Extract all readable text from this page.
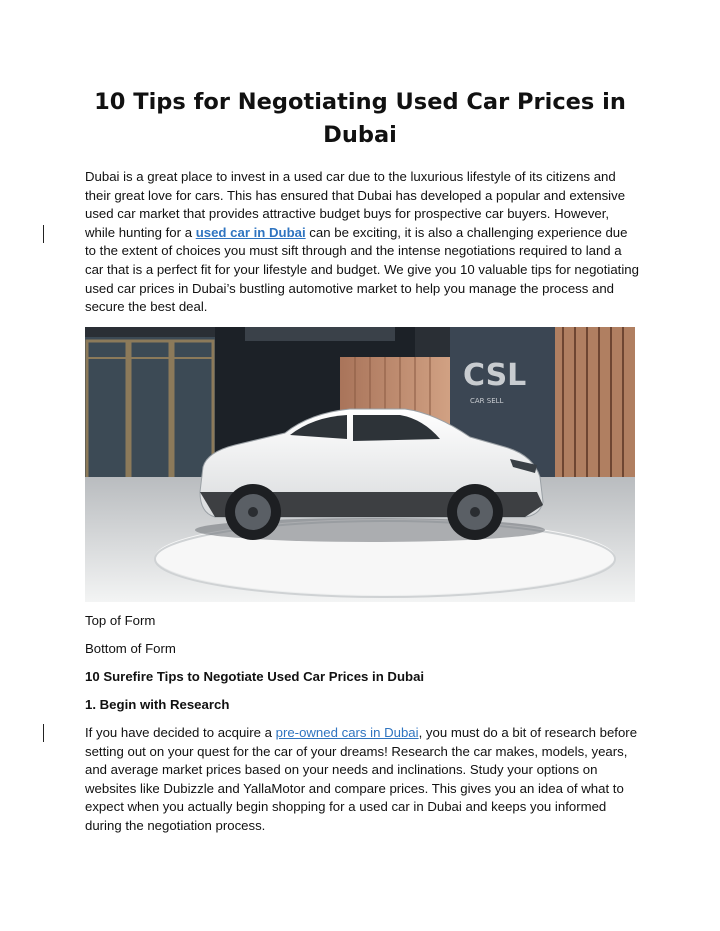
10 Tips for Negotiating Used Car Prices in Dubai

Dubai is a great place to invest in a used car due to the luxurious lifestyle of its citizens and their great love for cars. This has ensured that Dubai has developed a popular and extensive used car market that provides attractive budget buys for prospective car buyers. However, while hunting for a used car in Dubai can be exciting, it is also a challenging experience due to the extent of choices you must sift through and the intense negotiations required to land a car that is a perfect fit for your lifestyle and budget. We give you 10 valuable tips for negotiating used car prices in Dubai’s bustling automotive market to help you manage the process and secure the best deal.

CSL
CAR SELL

Top of Form

Bottom of Form

10 Surefire Tips to Negotiate Used Car Prices in Dubai

1. Begin with Research

If you have decided to acquire a pre-owned cars in Dubai, you must do a bit of research before setting out on your quest for the car of your dreams! Research the car makes, models, years, and average market prices based on your needs and inclinations. Study your options on websites like Dubizzle and YallaMotor and compare prices. This gives you an idea of what to expect when you actually begin shopping for a used car in Dubai and keeps you informed during the negotiation process.
